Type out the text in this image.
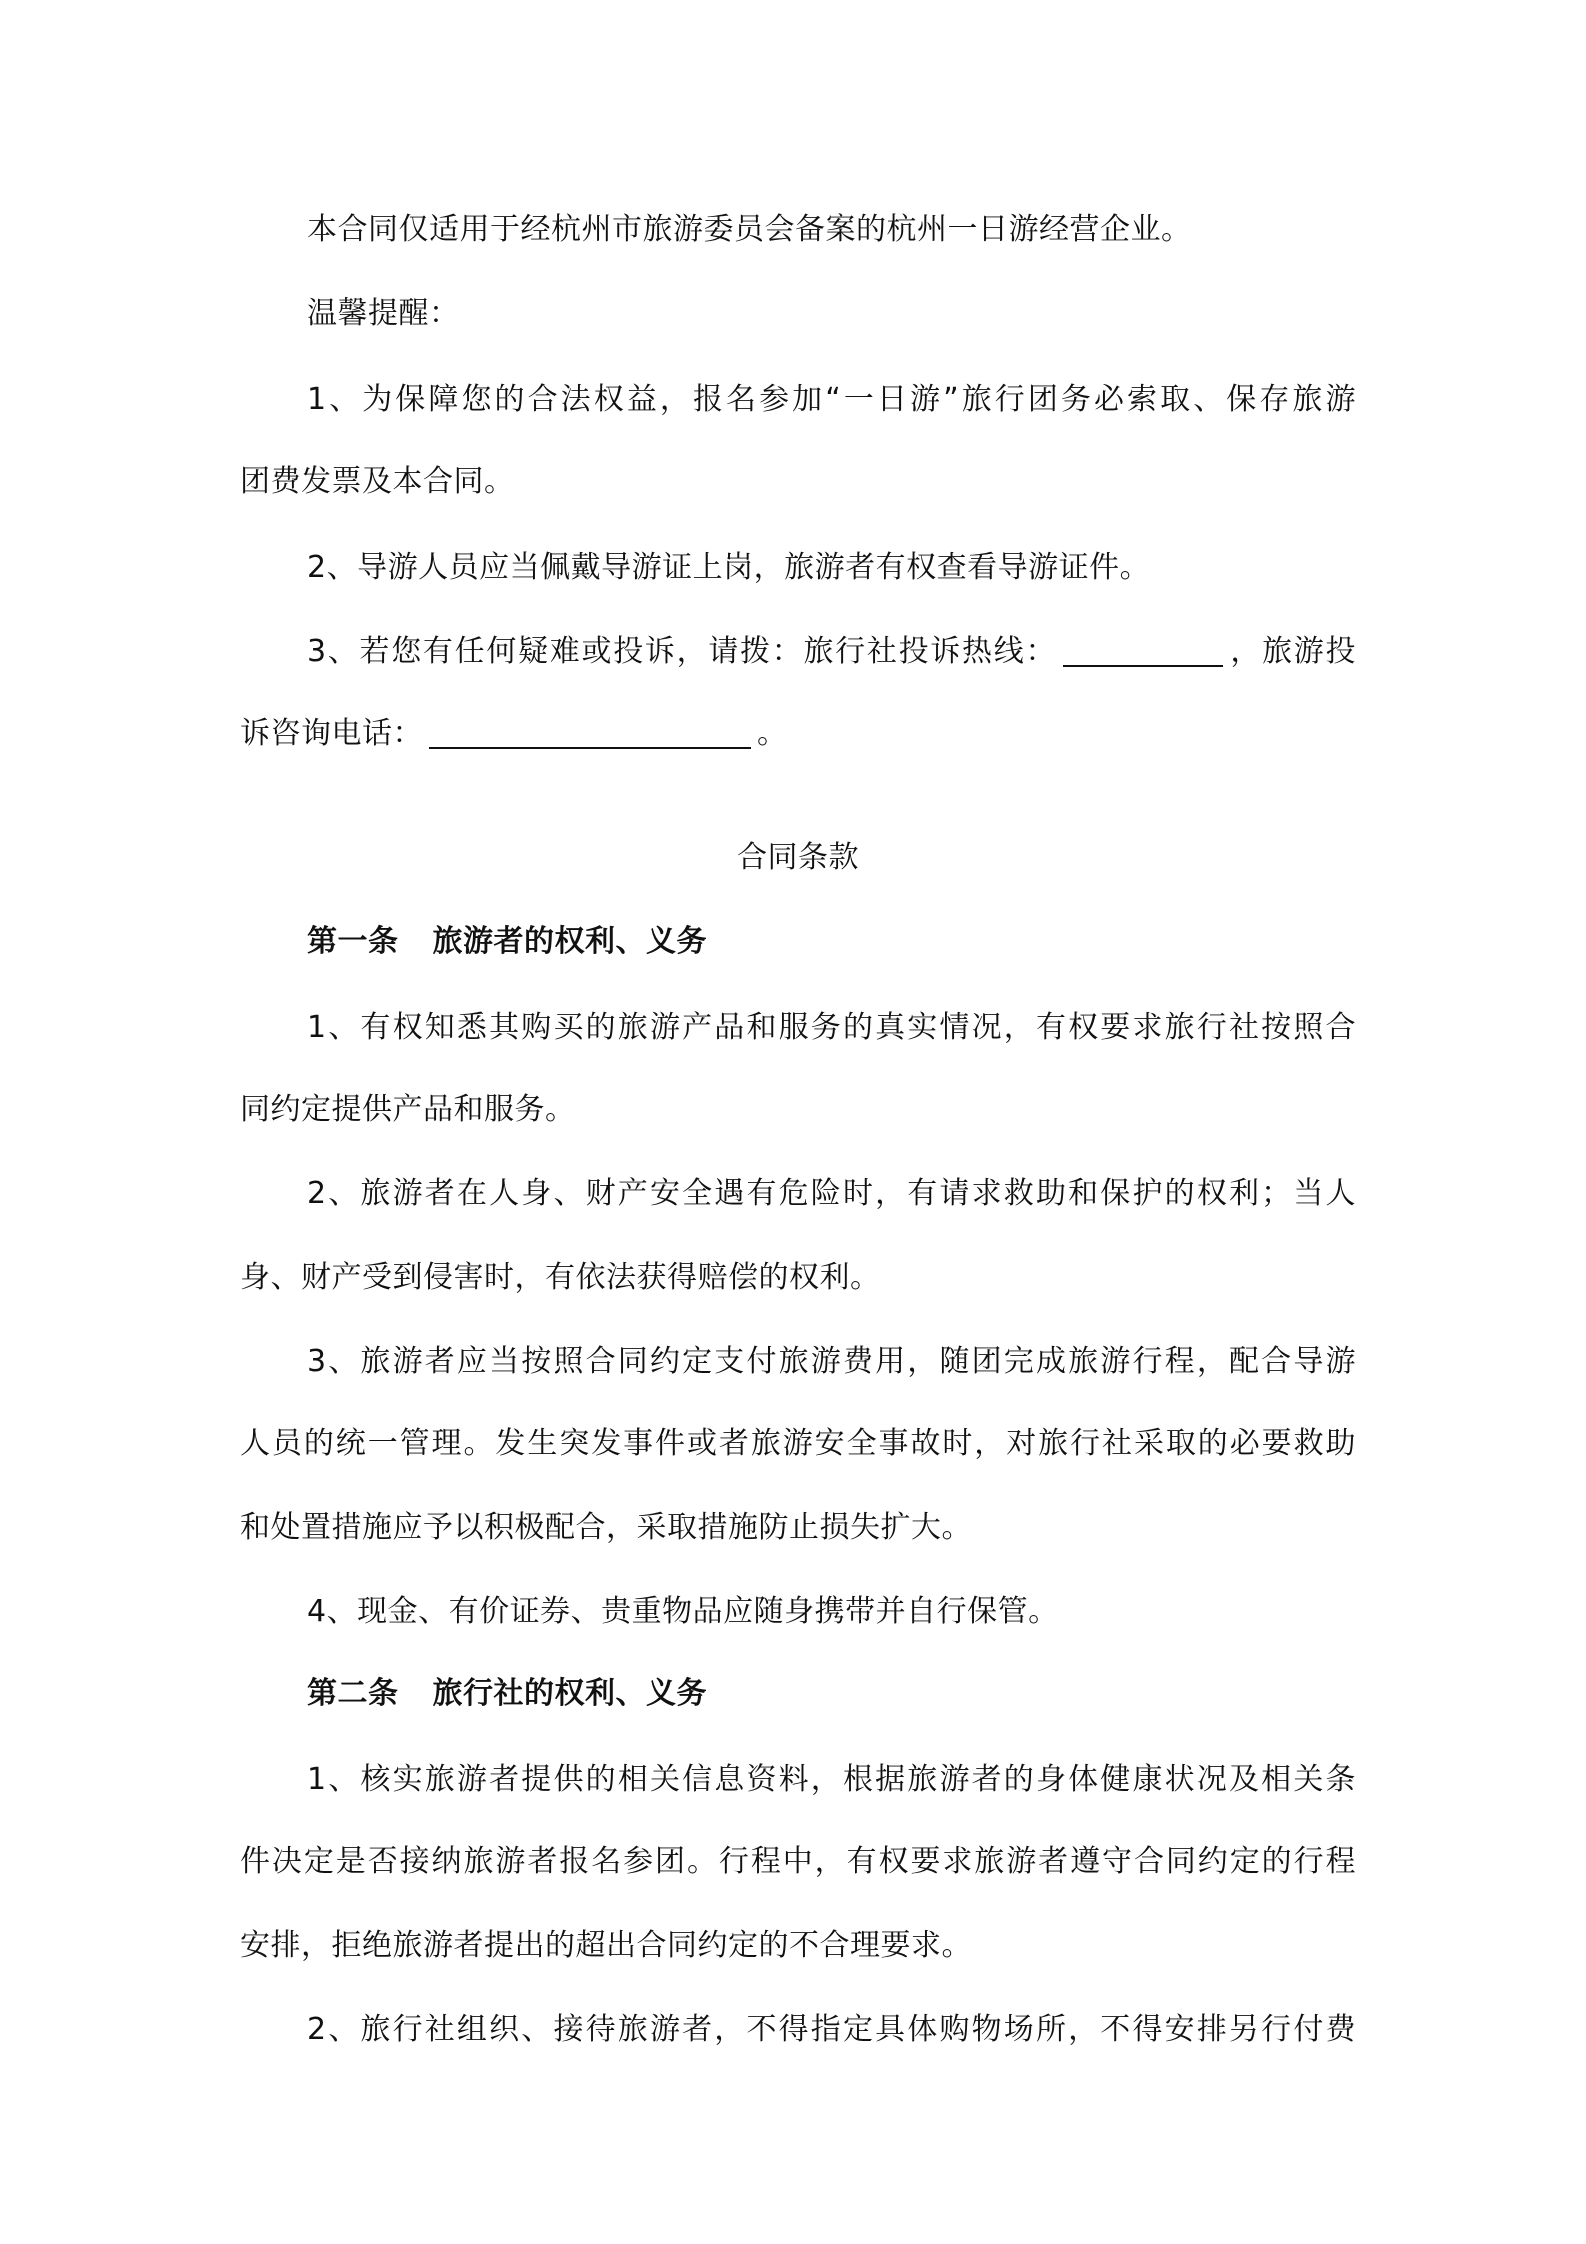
本合同仅适用于经杭州市旅游委员会备案的杭州一日游经营企业。
温馨提醒：
1、为保障您的合法权益，报名参加“一日游”旅行团务必索取、保存旅游
团费发票及本合同。
2、导游人员应当佩戴导游证上岗，旅游者有权查看导游证件。
3、若您有任何疑难或投诉，请拨：旅行社投诉热线：	，旅游投
诉咨询电话：	。
合同条款
第一条 旅游者的权利、义务
1、有权知悉其购买的旅游产品和服务的真实情况，有权要求旅行社按照合
同约定提供产品和服务。
2、旅游者在人身、财产安全遇有危险时，有请求救助和保护的权利；当人
身、财产受到侵害时，有依法获得赔偿的权利。
3、旅游者应当按照合同约定支付旅游费用，随团完成旅游行程，配合导游
人员的统一管理。发生突发事件或者旅游安全事故时，对旅行社采取的必要救助
和处置措施应予以积极配合，采取措施防止损失扩大。
4、现金、有价证券、贵重物品应随身携带并自行保管。
第二条 旅行社的权利、义务
1、核实旅游者提供的相关信息资料，根据旅游者的身体健康状况及相关条
件决定是否接纳旅游者报名参团。行程中，有权要求旅游者遵守合同约定的行程
安排，拒绝旅游者提出的超出合同约定的不合理要求。
2、旅行社组织、接待旅游者，不得指定具体购物场所，不得安排另行付费
